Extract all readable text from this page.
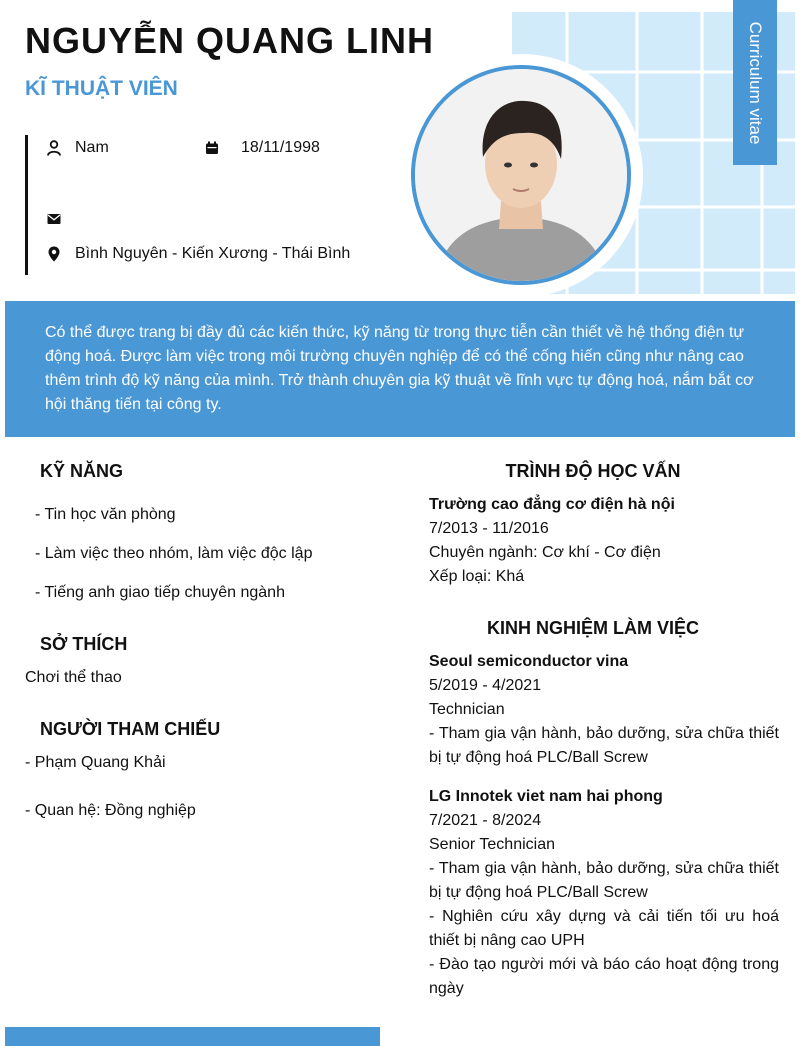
Curriculum vitae
NGUYỄN QUANG LINH
KĨ THUẬT VIÊN
Nam	18/11/1998
Bình Nguyên - Kiến Xương - Thái Bình
Có thể được trang bị đầy đủ các kiến thức, kỹ năng từ trong thực tiễn cần thiết về hệ thống điện tự động hoá. Được làm việc trong môi trường chuyên nghiệp để có thể cống hiến cũng như nâng cao thêm trình độ kỹ năng của mình. Trở thành chuyên gia kỹ thuật về lĩnh vực tự động hoá, nắm bắt cơ hội thăng tiến tại công ty.
KỸ NĂNG
- Tin học văn phòng
- Làm việc theo nhóm, làm việc độc lập
- Tiếng anh giao tiếp chuyên ngành
SỞ THÍCH
Chơi thể thao
NGƯỜI THAM CHIẾU
- Phạm Quang Khải
- Quan hệ: Đồng nghiệp
TRÌNH ĐỘ HỌC VẤN
Trường cao đẳng cơ điện hà nội
7/2013 - 11/2016
Chuyên ngành: Cơ khí - Cơ điện
Xếp loại: Khá
KINH NGHIỆM LÀM VIỆC
Seoul semiconductor vina
5/2019 - 4/2021
Technician
- Tham gia vận hành, bảo dưỡng, sửa chữa thiết bị tự động hoá PLC/Ball Screw
LG Innotek viet nam hai phong
7/2021 - 8/2024
Senior Technician
- Tham gia vận hành, bảo dưỡng, sửa chữa thiết bị tự động hoá PLC/Ball Screw
- Nghiên cứu xây dựng và cải tiến tối ưu hoá thiết bị nâng cao UPH
- Đào tạo người mới và báo cáo hoạt động trong ngày
